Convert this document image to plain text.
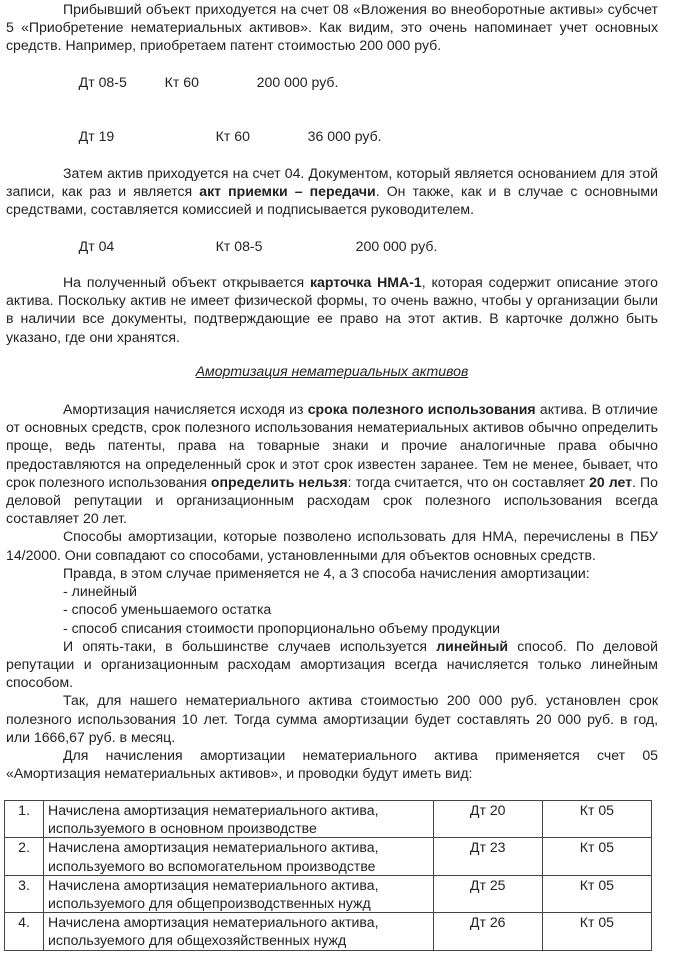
Прибывший объект приходуется на счет 08 «Вложения во внеоборотные активы» субсчет 5 «Приобретение нематериальных активов». Как видим, это очень напоминает учет основных средств. Например, приобретаем патент стоимостью 200 000 руб.

Дт 08-5	Кт 60	200 000 руб.

Дт 19	Кт 60	36 000 руб.

Затем актив приходуется на счет 04. Документом, который является основанием для этой записи, как раз и является акт приемки – передачи. Он также, как и в случае с основными средствами, составляется комиссией и подписывается руководителем.

Дт 04	Кт 08-5	200 000 руб.

На полученный объект открывается карточка НМА-1, которая содержит описание этого актива. Поскольку актив не имеет физической формы, то очень важно, чтобы у организации были в наличии все документы, подтверждающие ее право на этот актив. В карточке должно быть указано, где они хранятся.

Амортизация нематериальных активов

Амортизация начисляется исходя из срока полезного использования актива. В отличие от основных средств, срок полезного использования нематериальных активов обычно определить проще, ведь патенты, права на товарные знаки и прочие аналогичные права обычно предоставляются на определенный срок и этот срок известен заранее. Тем не менее, бывает, что срок полезного использования определить нельзя: тогда считается, что он составляет 20 лет. По деловой репутации и организационным расходам срок полезного использования всегда составляет 20 лет.

Способы амортизации, которые позволено использовать для НМА, перечислены в ПБУ 14/2000. Они совпадают со способами, установленными для объектов основных средств.

Правда, в этом случае применяется не 4, а 3 способа начисления амортизации:

- линейный
- способ уменьшаемого остатка
- способ списания стоимости пропорционально объему продукции

И опять-таки, в большинстве случаев используется линейный способ. По деловой репутации и организационным расходам амортизация всегда начисляется только линейным способом.

Так, для нашего нематериального актива стоимостью 200 000 руб. установлен срок полезного использования 10 лет. Тогда сумма амортизации будет составлять 20 000 руб. в год, или 1666,67 руб. в месяц.

Для начисления амортизации нематериального актива применяется счет 05 «Амортизация нематериальных активов», и проводки будут иметь вид:

1.	Начислена амортизация нематериального актива, используемого в основном производстве	Дт 20	Кт 05
2.	Начислена амортизация нематериального актива, используемого во вспомогательном производстве	Дт 23	Кт 05
3.	Начислена амортизация нематериального актива, используемого для общепроизводственных нужд	Дт 25	Кт 05
4.	Начислена амортизация нематериального актива, используемого для общехозяйственных нужд	Дт 26	Кт 05
